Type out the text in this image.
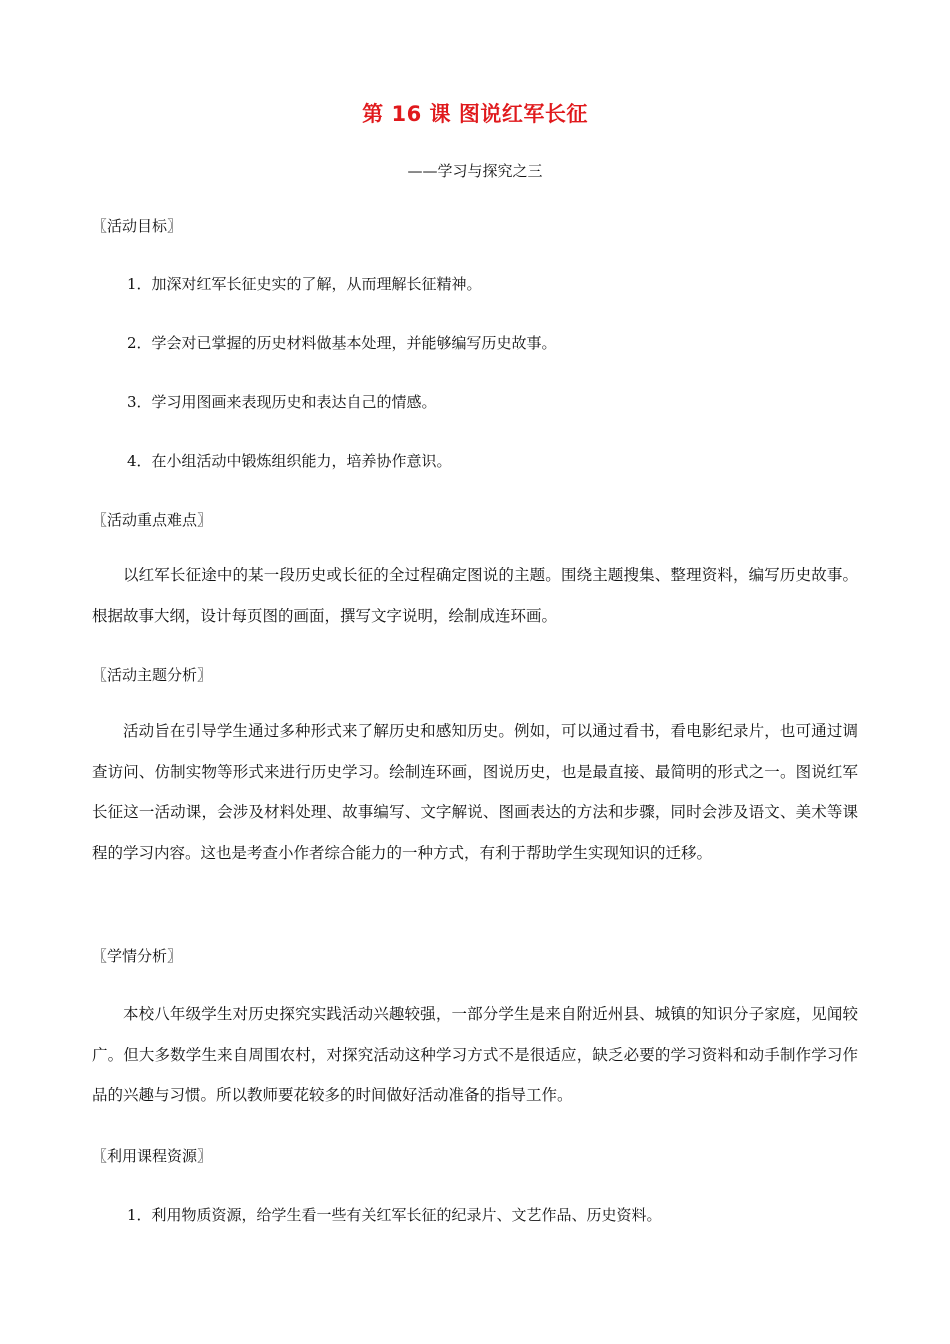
第 16 课 图说红军长征
——学习与探究之三
〖活动目标〗
1．加深对红军长征史实的了解，从而理解长征精神。
2．学会对已掌握的历史材料做基本处理，并能够编写历史故事。
3．学习用图画来表现历史和表达自己的情感。
4．在小组活动中锻炼组织能力，培养协作意识。
〖活动重点难点〗

以红军长征途中的某一段历史或长征的全过程确定图说的主题。围绕主题搜集、整理资料，编写历史故事。根据故事大纲，设计每页图的画面，撰写文字说明，绘制成连环画。

〖活动主题分析〗

活动旨在引导学生通过多种形式来了解历史和感知历史。例如，可以通过看书，看电影纪录片，也可通过调查访问、仿制实物等形式来进行历史学习。绘制连环画，图说历史，也是最直接、最简明的形式之一。图说红军长征这一活动课，会涉及材料处理、故事编写、文字解说、图画表达的方法和步骤，同时会涉及语文、美术等课程的学习内容。这也是考查小作者综合能力的一种方式，有利于帮助学生实现知识的迁移。

〖学情分析〗

本校八年级学生对历史探究实践活动兴趣较强，一部分学生是来自附近州县、城镇的知识分子家庭，见闻较广。但大多数学生来自周围农村，对探究活动这种学习方式不是很适应，缺乏必要的学习资料和动手制作学习作品的兴趣与习惯。所以教师要花较多的时间做好活动准备的指导工作。

〖利用课程资源〗
1．利用物质资源，给学生看一些有关红军长征的纪录片、文艺作品、历史资料。
